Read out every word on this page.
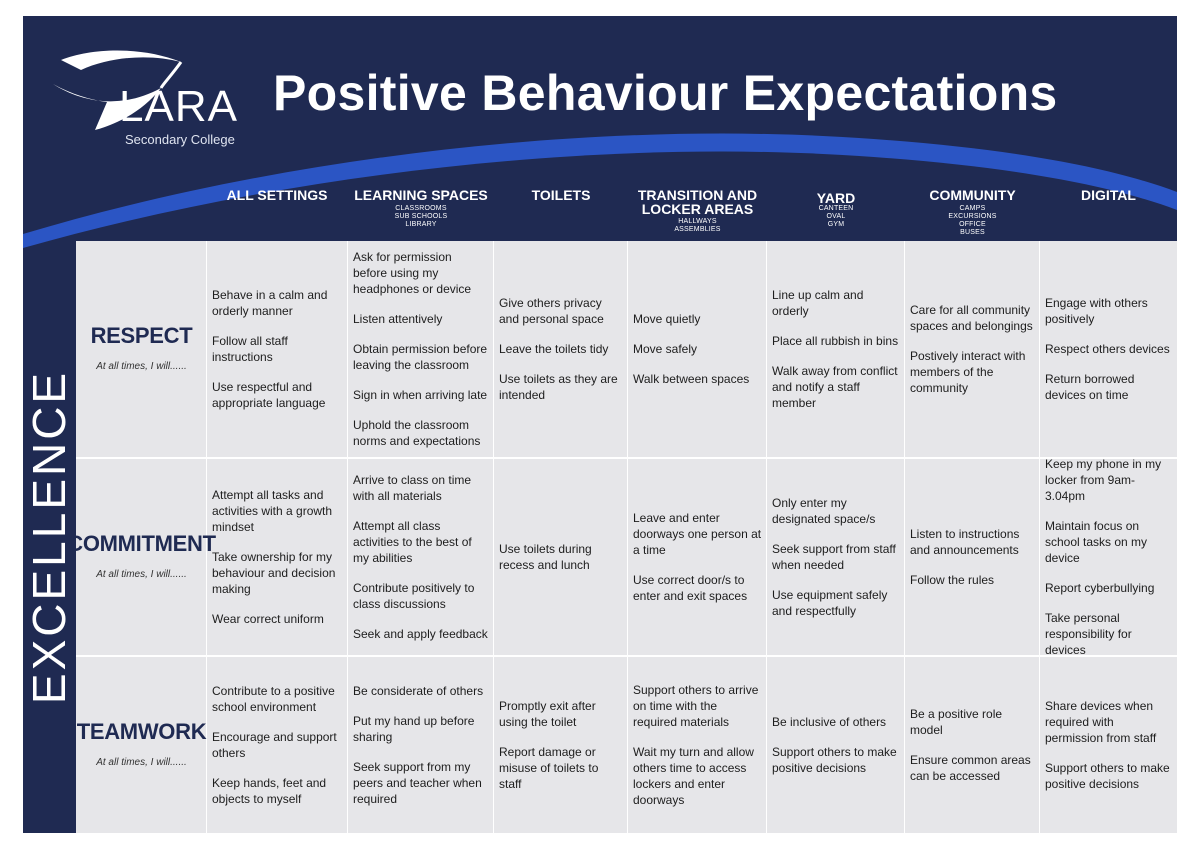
LARA
Secondary College
Positive Behaviour Expectations
ALL SETTINGS	LEARNING SPACES
CLASSROOMS
SUB SCHOOLS
LIBRARY
TOILETS	TRANSITION AND
LOCKER AREAS
HALLWAYS
ASSEMBLIES
YARD
CANTEEN
OVAL
GYM
COMMUNITY
CAMPS
EXCURSIONS
OFFICE
BUSES
DIGITAL
EXCELLENCE
RESPECT
At all times, I will......
Behave in a calm and orderly manner
Follow all staff instructions
Use respectful and appropriate language
Ask for permission before using my headphones or device
Listen attentively
Obtain permission before leaving the classroom
Sign in when arriving late
Uphold the classroom norms and expectations
Give others privacy and personal space
Leave the toilets tidy
Use toilets as they are intended
Move quietly
Move safely
Walk between spaces
Line up calm and orderly
Place all rubbish in bins
Walk away from conflict and notify a staff member
Care for all community spaces and belongings
Postively interact with members of the community
Engage with others positively
Respect others devices
Return borrowed devices on time
COMMITMENT
At all times, I will......
Attempt all tasks and activities with a growth mindset
Take ownership for my behaviour and decision making
Wear correct uniform
Arrive to class on time with all materials
Attempt all class activities to the best of my abilities
Contribute positively to class discussions
Seek and apply feedback
Use toilets during recess and lunch
Leave and enter doorways one person at a time
Use correct door/s to enter and exit spaces
Only enter my designated space/s
Seek support from staff when needed
Use equipment safely and respectfully
Listen to instructions and announcements
Follow the rules
Keep my phone in my locker from 9am-3.04pm
Maintain focus on school tasks on my device
Report cyberbullying
Take personal responsibility for devices
TEAMWORK
At all times, I will......
Contribute to a positive school environment
Encourage and support others
Keep hands, feet and objects to myself
Be considerate of others
Put my hand up before sharing
Seek support from my peers and teacher when required
Promptly exit after using the toilet
Report damage or misuse of toilets to staff
Support others to arrive on time with the required materials
Wait my turn and allow others time to access lockers and enter doorways
Be inclusive of others
Support others to make positive decisions
Be a positive role model
Ensure common areas can be accessed
Share devices when required with permission from staff
Support others to make positive decisions
